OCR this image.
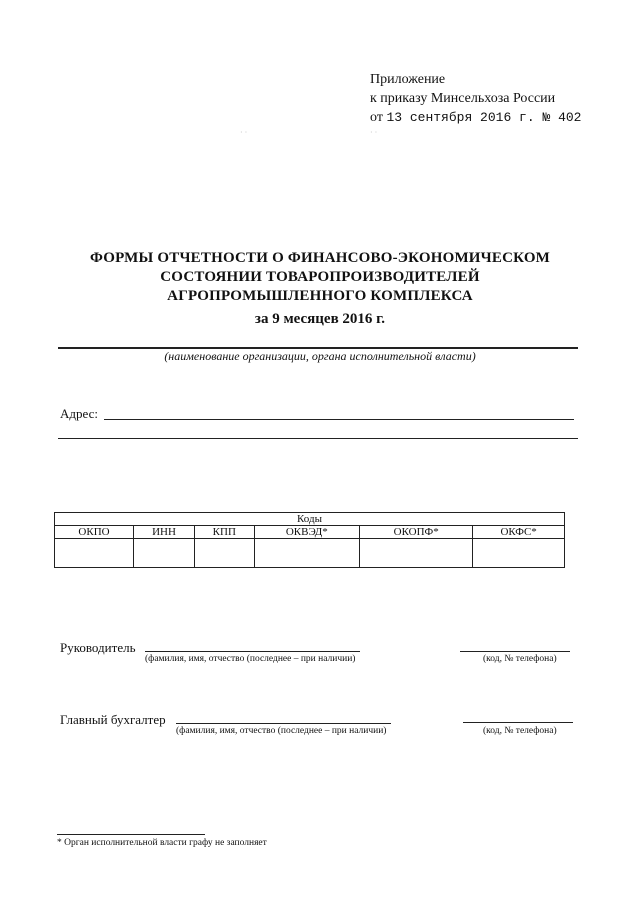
Приложение
к приказу Минсельхоза России
от 13 сентября 2016 г. № 402
ФОРМЫ ОТЧЕТНОСТИ О ФИНАНСОВО-ЭКОНОМИЧЕСКОМ
СОСТОЯНИИ ТОВАРОПРОИЗВОДИТЕЛЕЙ
АГРОПРОМЫШЛЕННОГО КОМПЛЕКСА
за 9 месяцев 2016 г.
(наименование организации, органа исполнительной власти)
Адрес:
Коды					
ОКПО	ИНН	КПП	ОКВЭД*	ОКОПФ*	ОКФС*

Руководитель
(фамилия, имя, отчество (последнее – при наличии)	(код, № телефона)
Главный бухгалтер
(фамилия, имя, отчество (последнее – при наличии)	(код, № телефона)
* Орган исполнительной власти графу не заполняет
· ·	· ·
